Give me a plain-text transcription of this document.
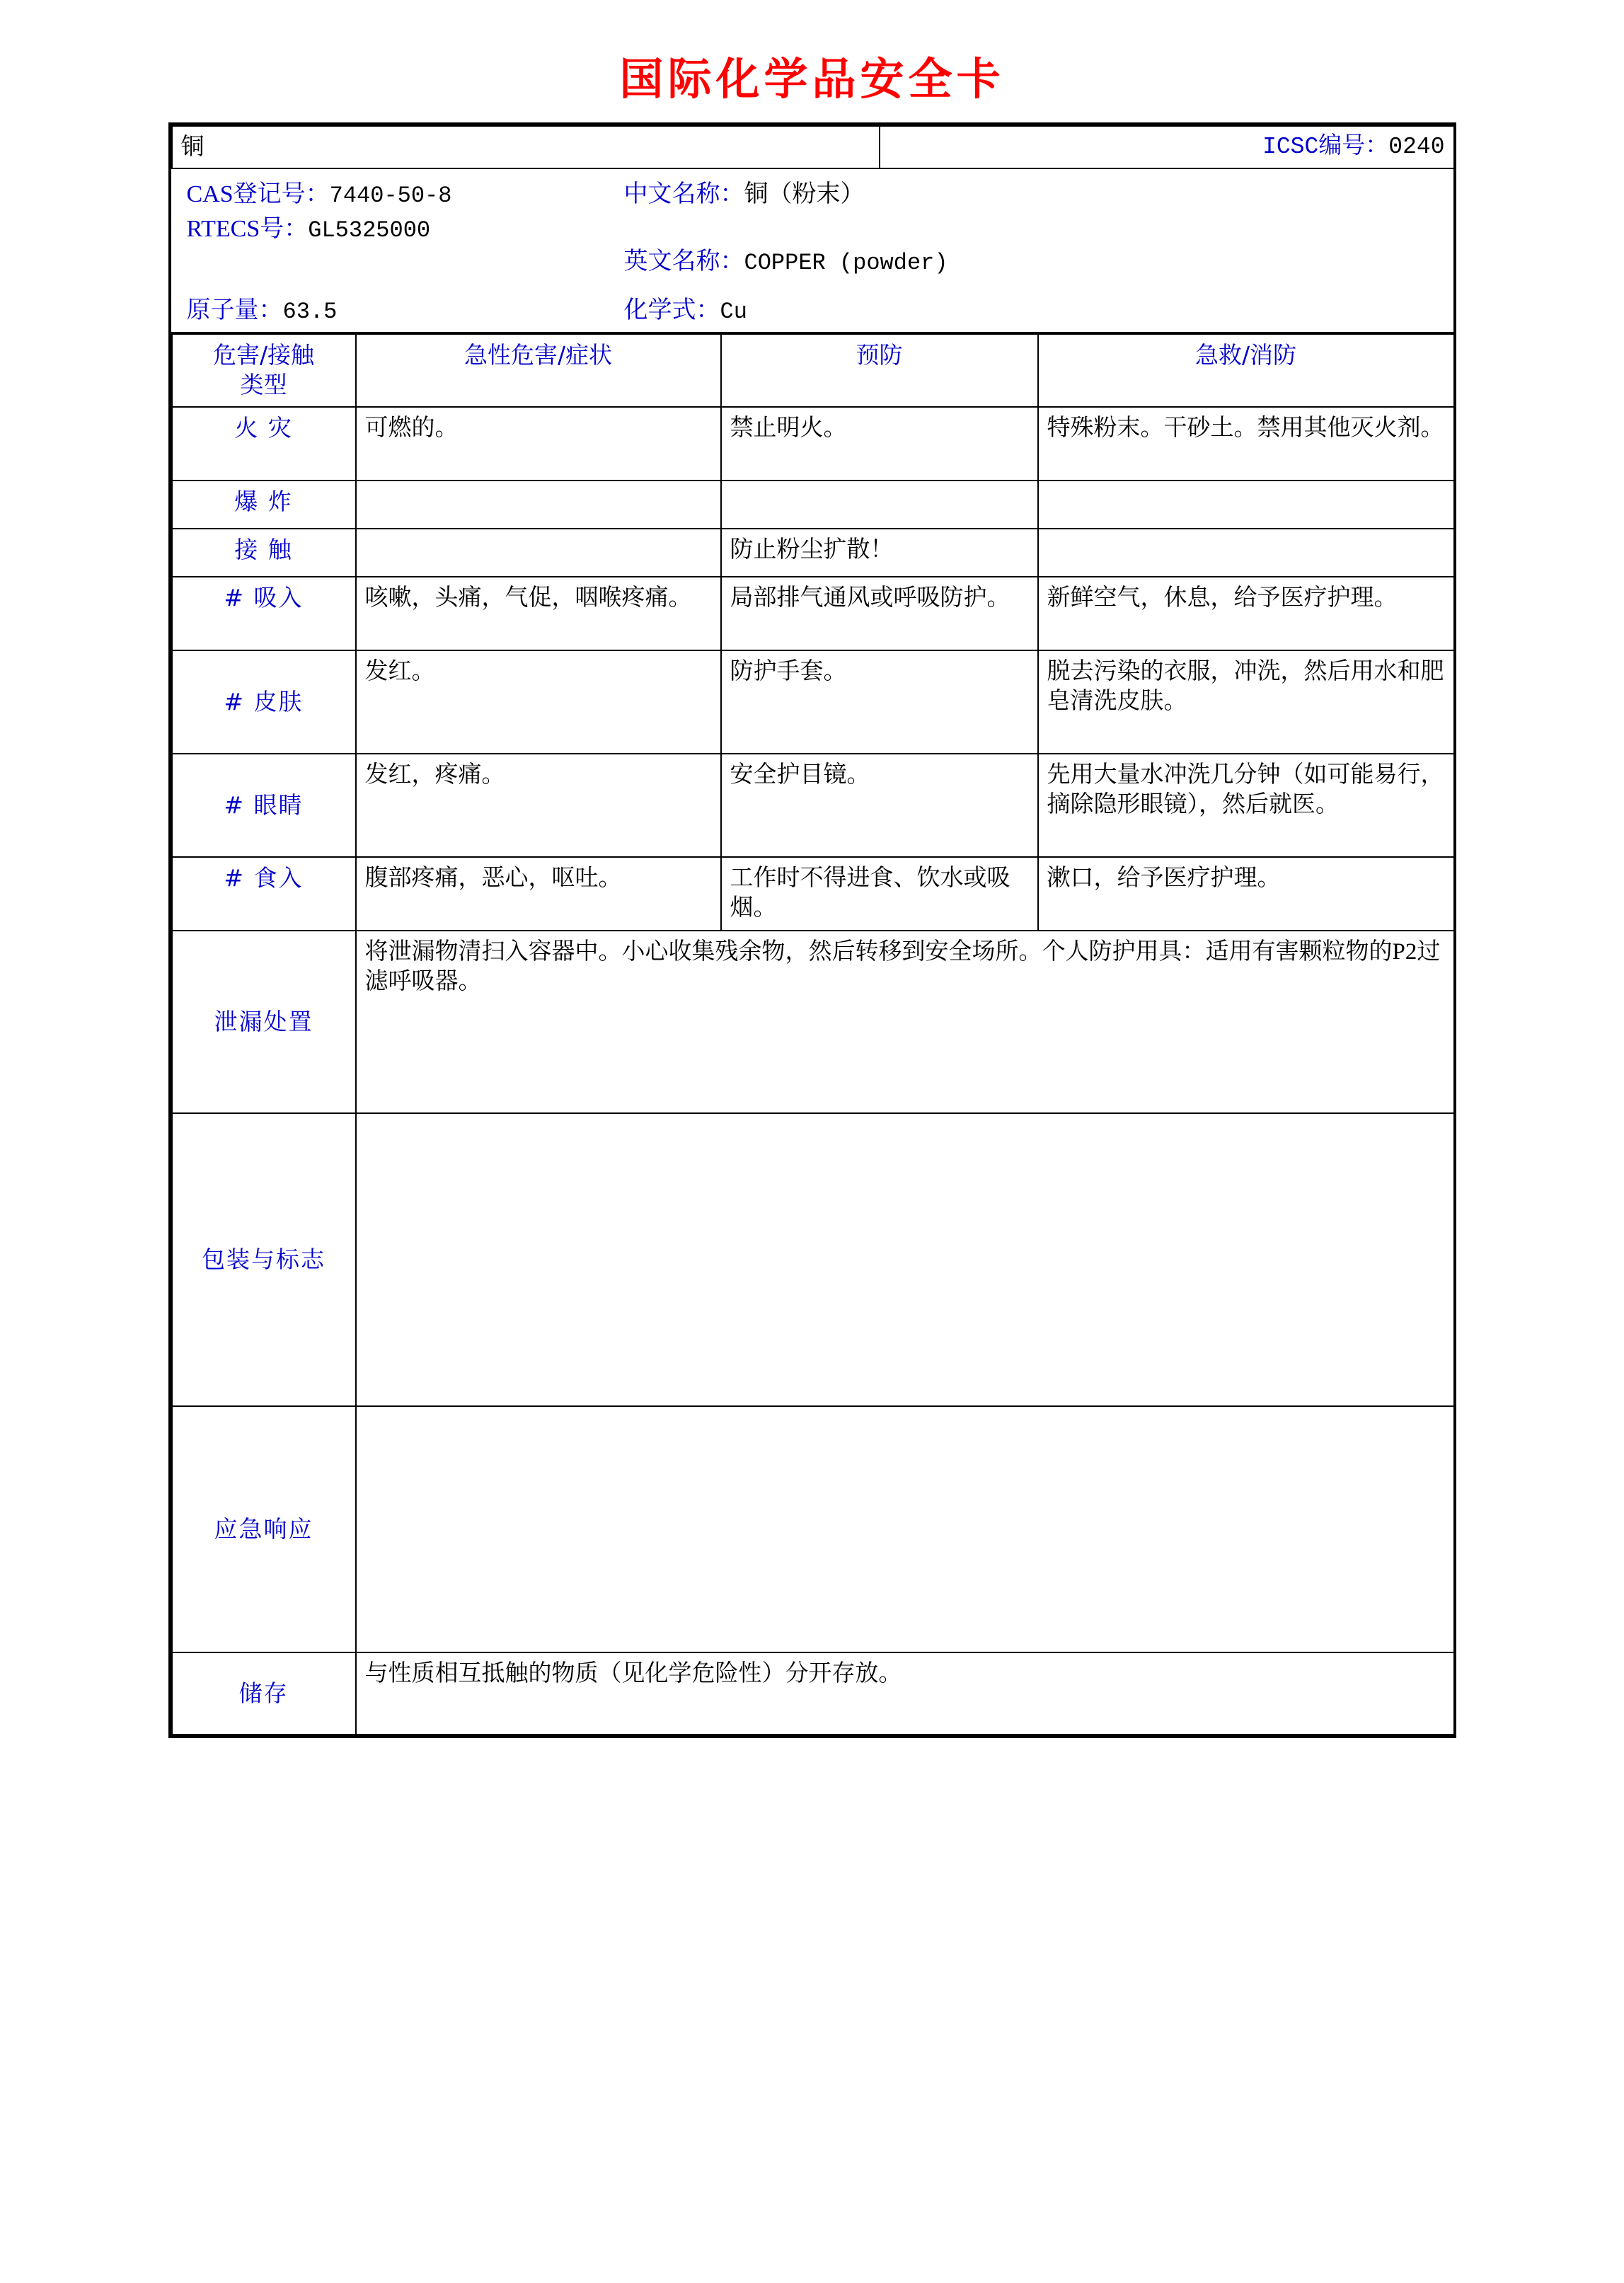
国际化学品安全卡
铜	ICSC编号：0240
CAS登记号：7440-50-8
RTECS号：GL5325000
中文名称：铜（粉末）
英文名称：COPPER (powder)
原子量：63.5	化学式：Cu
危害/接触
类型	急性危害/症状	预防	急救/消防
火 灾	可燃的。	禁止明火。	特殊粉末。干砂土。禁用其他灭火剂。
爆 炸			
接 触		防止粉尘扩散！	
# 吸入	咳嗽，头痛，气促，咽喉疼痛。	局部排气通风或呼吸防护。	新鲜空气，休息，给予医疗护理。
# 皮肤	发红。	防护手套。	脱去污染的衣服，冲洗，然后用水和肥皂清洗皮肤。
# 眼睛	发红，疼痛。	安全护目镜。	先用大量水冲洗几分钟（如可能易行，摘除隐形眼镜），然后就医。
# 食入	腹部疼痛，恶心，呕吐。	工作时不得进食、饮水或吸烟。	漱口，给予医疗护理。
泄漏处置	将泄漏物清扫入容器中。小心收集残余物，然后转移到安全场所。个人防护用具：适用有害颗粒物的P2过滤呼吸器。		
包装与标志			
应急响应			
储存	与性质相互抵触的物质（见化学危险性）分开存放。		
